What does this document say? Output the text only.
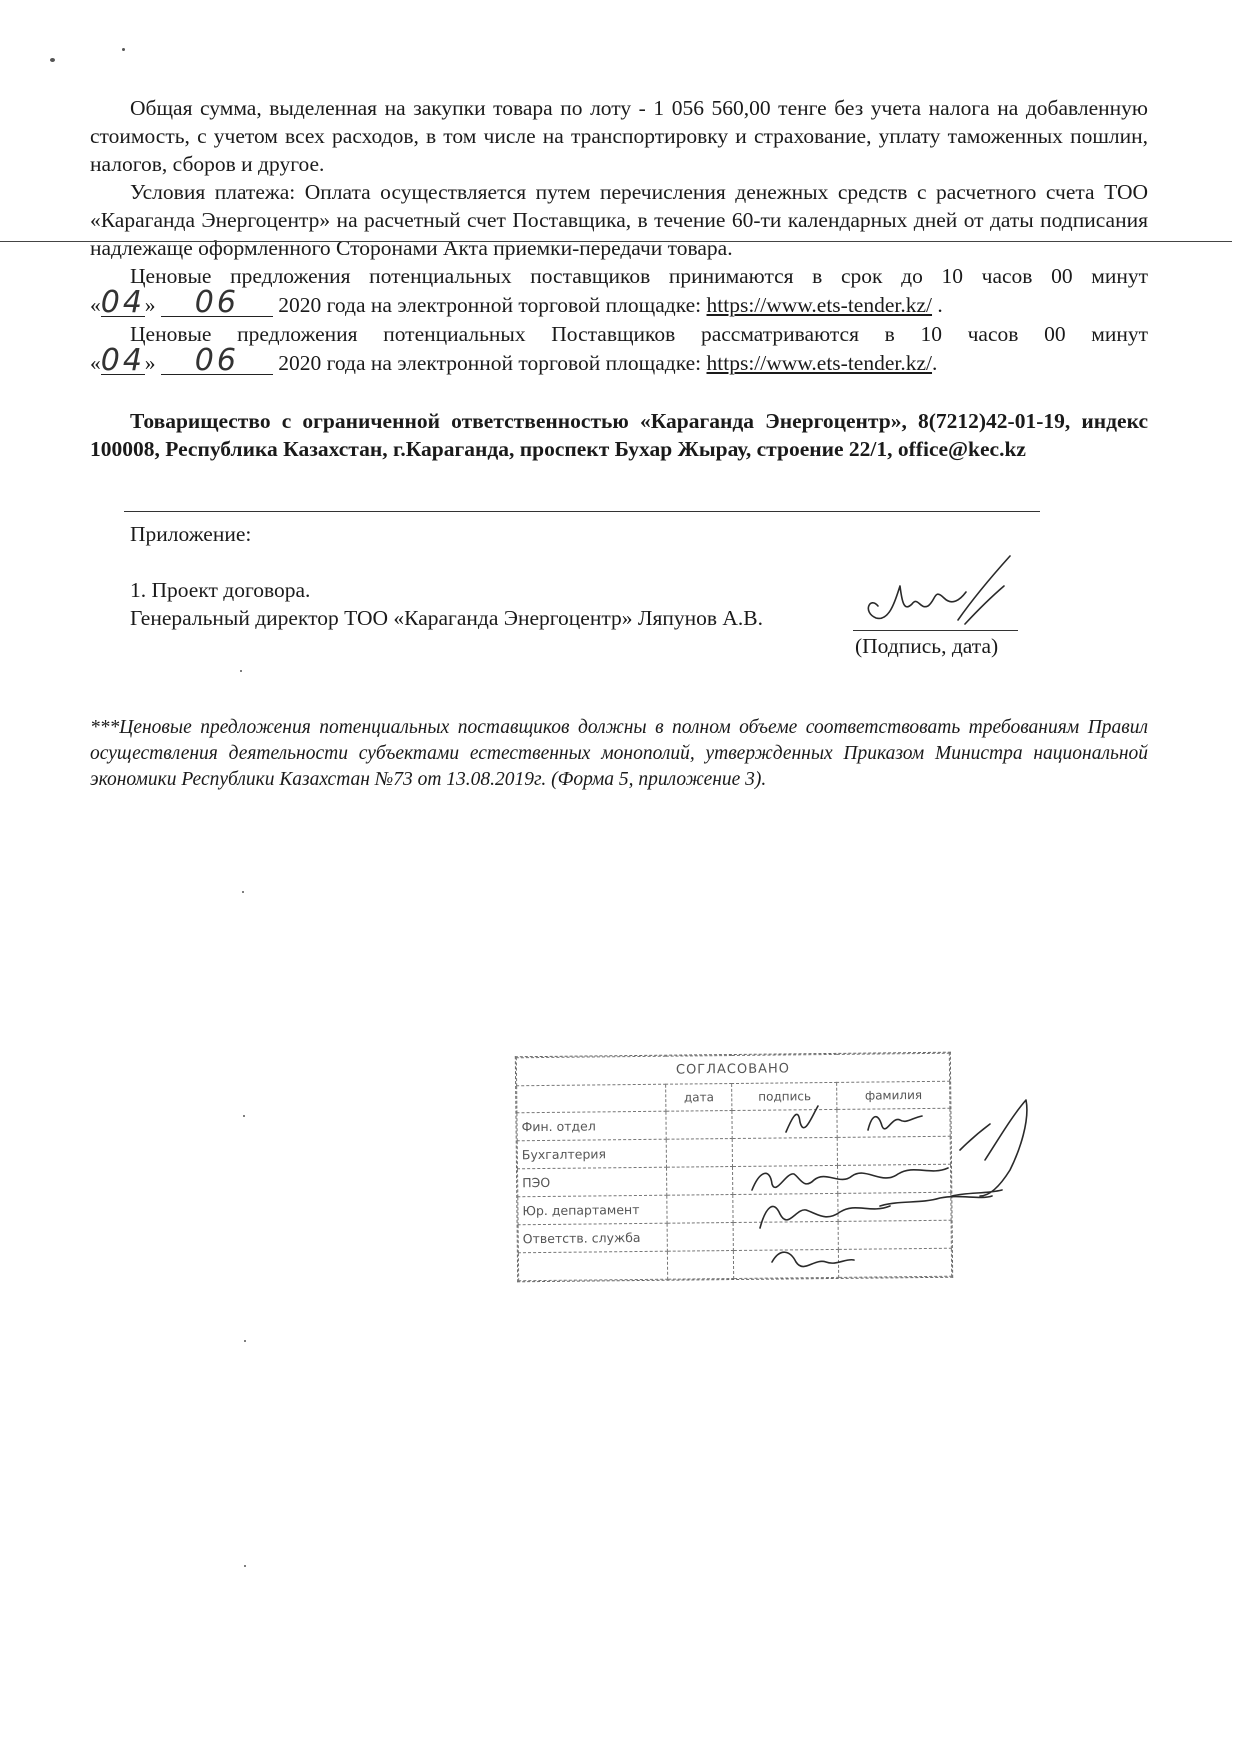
Общая сумма, выделенная на закупки товара по лоту - 1 056 560,00 тенге без учета налога на добавленную стоимость, с учетом всех расходов, в том числе на транспортировку и страхование, уплату таможенных пошлин, налогов, сборов и другое.

Условия платежа: Оплата осуществляется путем перечисления денежных средств с расчетного счета ТОО «Караганда Энергоцентр» на расчетный счет Поставщика, в течение 60-ти календарных дней от даты подписания надлежаще оформленного Сторонами Акта приемки-передачи товара.

Ценовые предложения потенциальных поставщиков принимаются в срок до 10 часов 00 минут

«04» 06 2020 года на электронной торговой площадке: https://www.ets-tender.kz/ .

Ценовые предложения потенциальных Поставщиков рассматриваются в 10 часов 00 минут

«04» 06 2020 года на электронной торговой площадке: https://www.ets-tender.kz/.

Товарищество с ограниченной ответственностью «Караганда Энергоцентр», 8(7212)42-01-19, индекс 100008, Республика Казахстан, г.Караганда, проспект Бухар Жырау, строение 22/1, office@kec.kz

Приложение:

1. Проект договора.

Генеральный директор ТОО «Караганда Энергоцентр» Ляпунов А.В.

(Подпись, дата)

***Ценовые предложения потенциальных поставщиков должны в полном объеме соответствовать требованиям Правил осуществления деятельности субъектами естественных монополий, утвержденных Приказом Министра национальной экономики Республики Казахстан №73 от 13.08.2019г. (Форма 5, приложение 3).

СОГЛАСОВАНО			
	дата	подпись	фамилия
Фин. отдел			
Бухгалтерия			
ПЭО			
Юр. департамент			
Ответств. служба			
